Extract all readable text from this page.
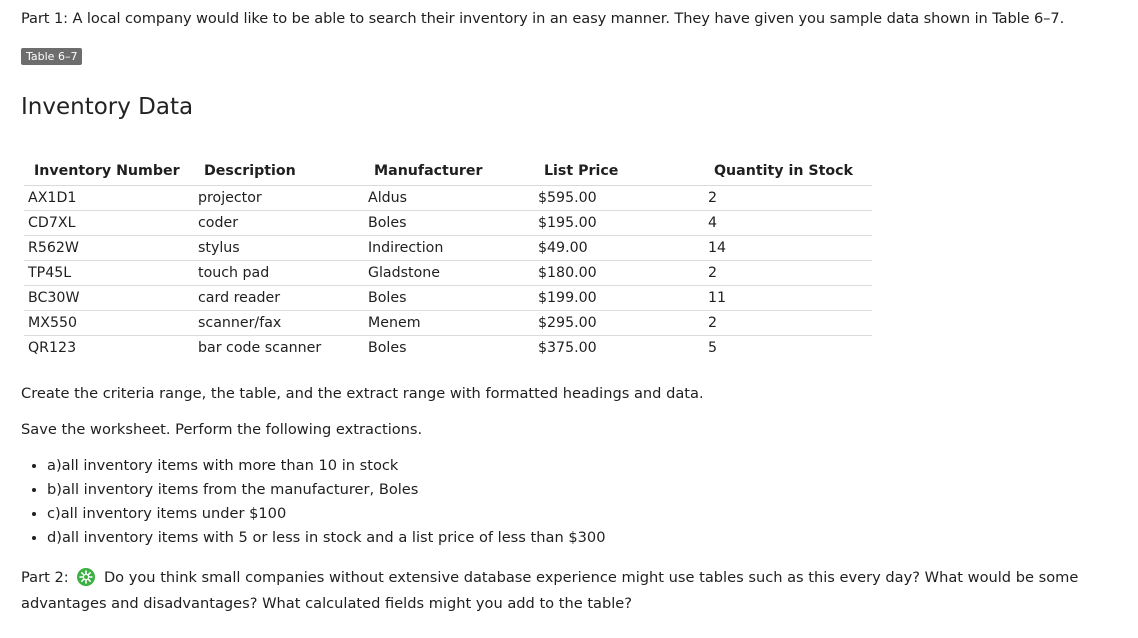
Part 1: A local company would like to be able to search their inventory in an easy manner. They have given you sample data shown in Table 6–7.
Table 6–7
Inventory Data
Inventory Number	Description	Manufacturer	List Price	Quantity in Stock
AX1D1	projector	Aldus	$595.00	2
CD7XL	coder	Boles	$195.00	4
R562W	stylus	Indirection	$49.00	14
TP45L	touch pad	Gladstone	$180.00	2
BC30W	card reader	Boles	$199.00	11
MX550	scanner/fax	Menem	$295.00	2
QR123	bar code scanner	Boles	$375.00	5
Create the criteria range, the table, and the extract range with formatted headings and data.
Save the worksheet. Perform the following extractions.
• a)all inventory items with more than 10 in stock
• b)all inventory items from the manufacturer, Boles
• c)all inventory items under $100
• d)all inventory items with 5 or less in stock and a list price of less than $300
Part 2: Do you think small companies without extensive database experience might use tables such as this every day? What would be some advantages and disadvantages? What calculated fields might you add to the table?
